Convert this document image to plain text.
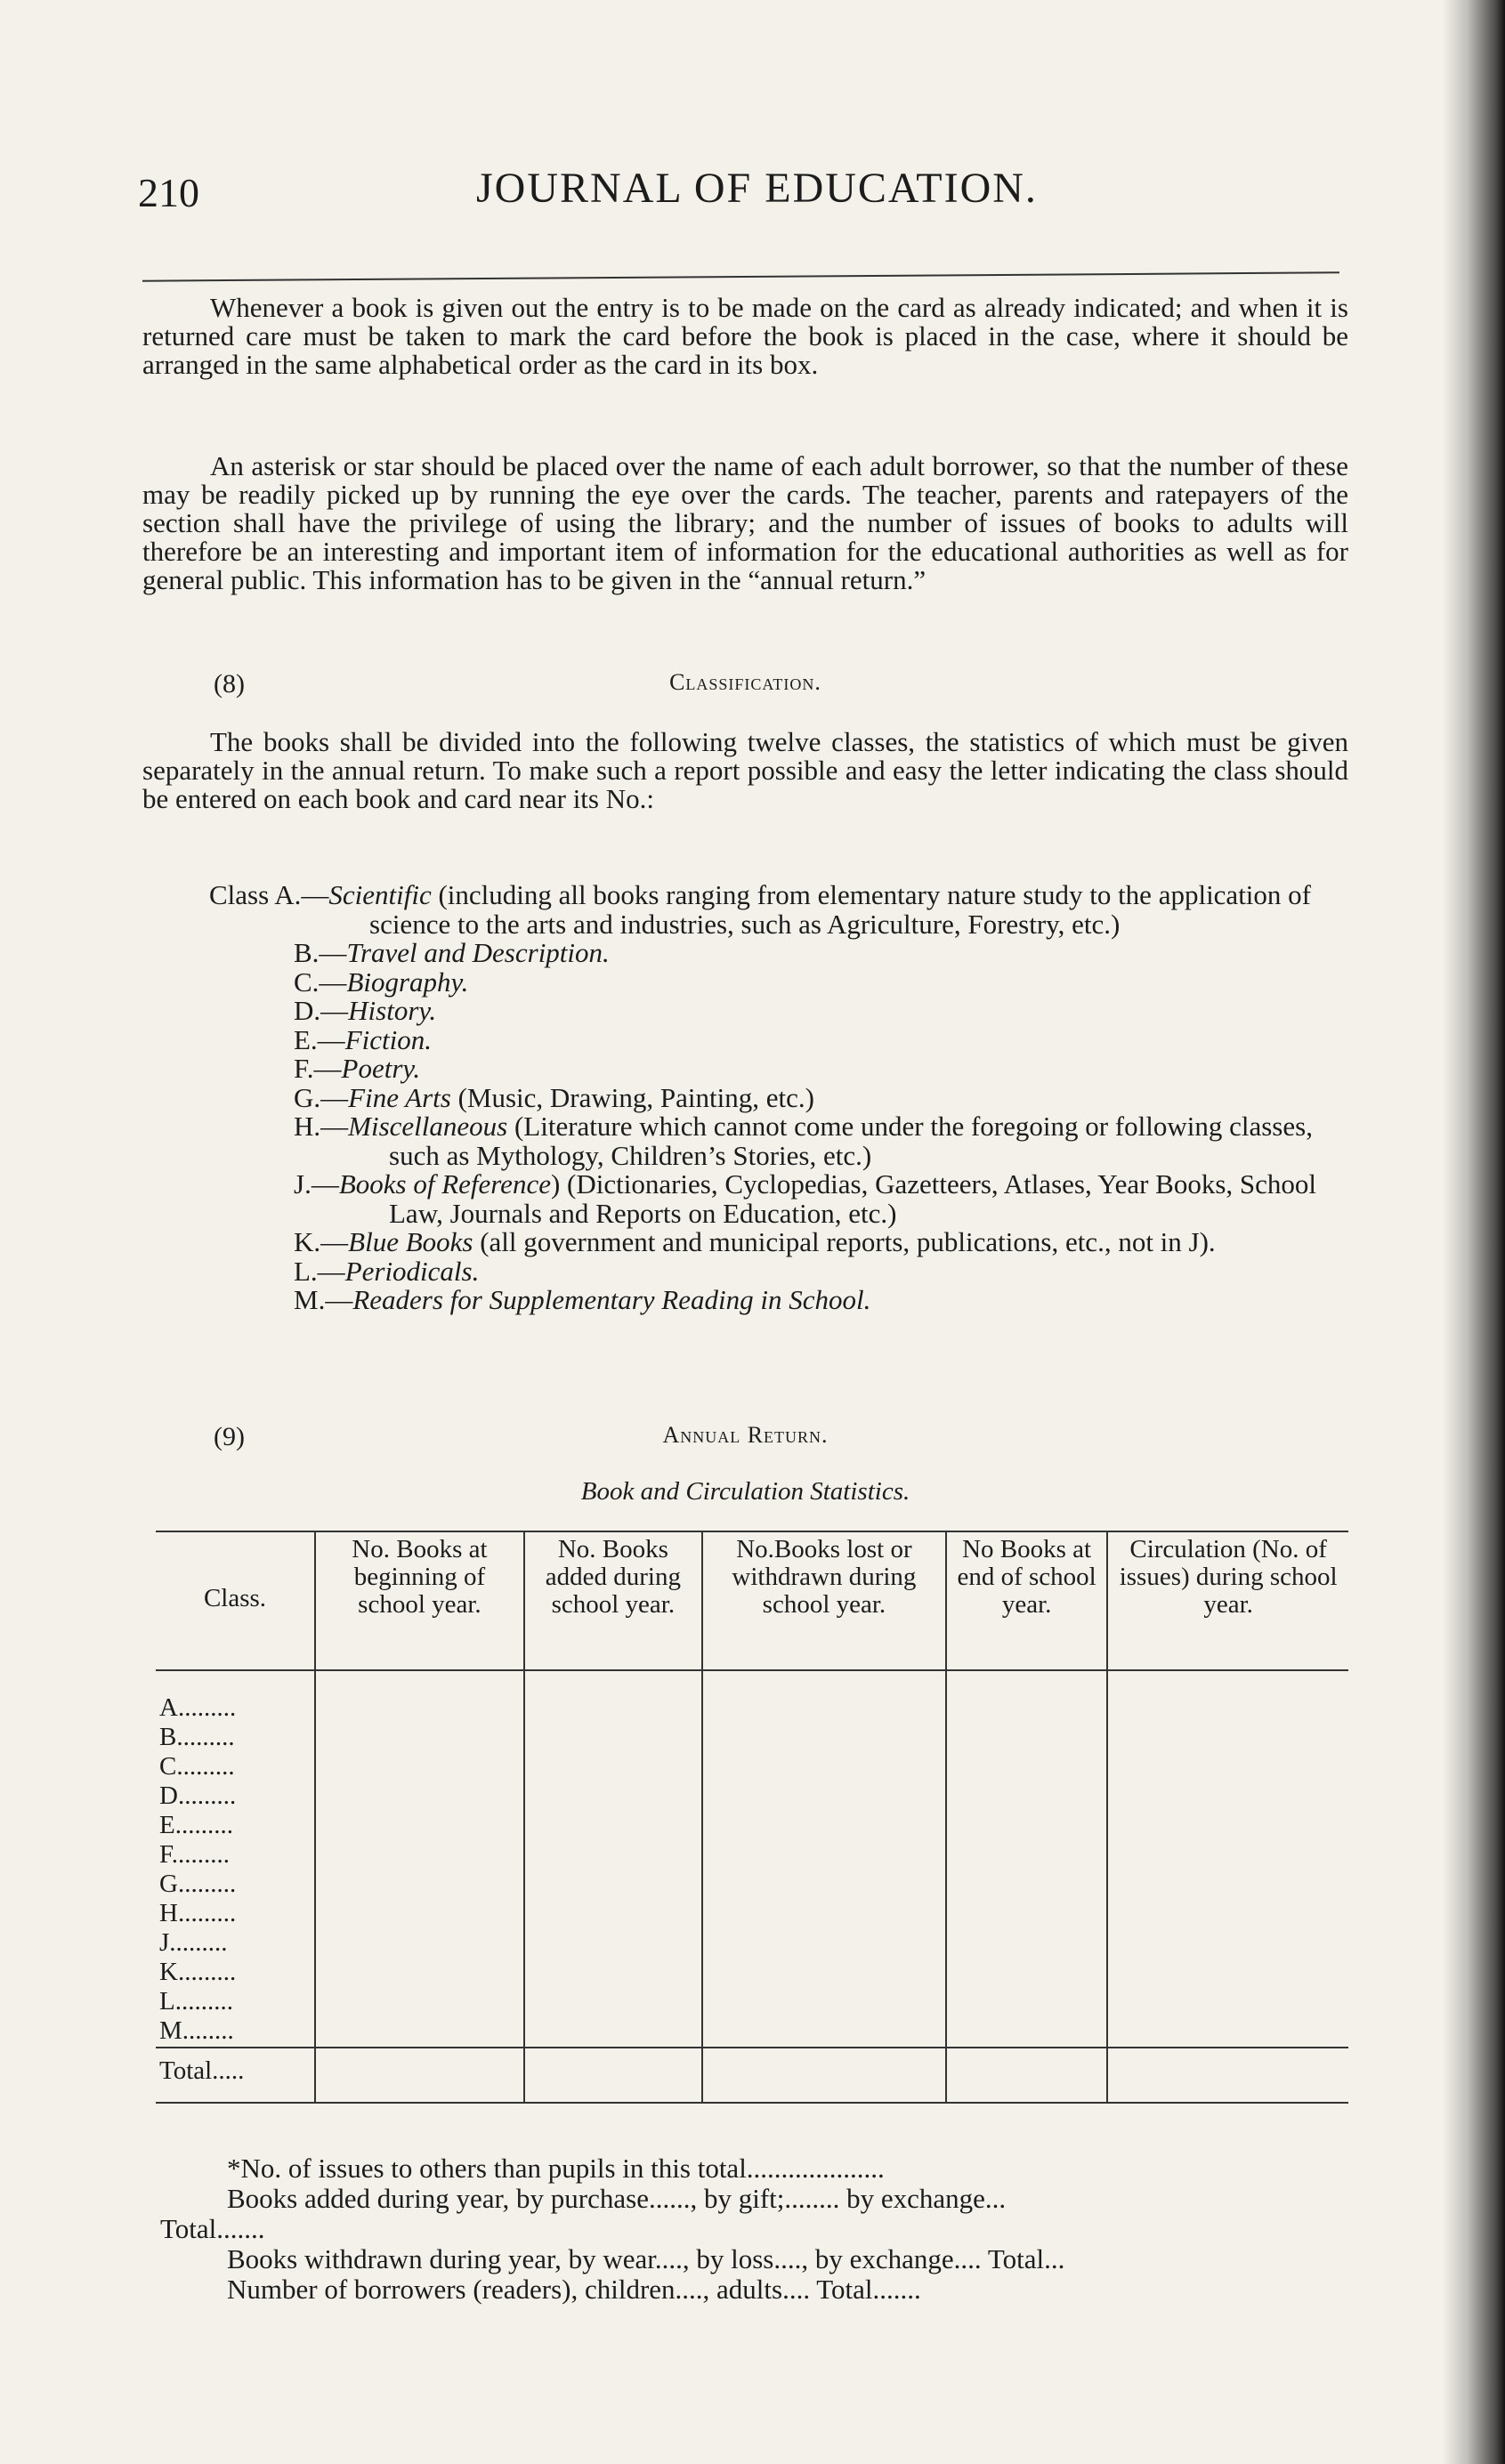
210	JOURNAL OF EDUCATION.

Whenever a book is given out the entry is to be made on the card as already indicated; and when it is returned care must be taken to mark the card before the book is placed in the case, where it should be arranged in the same alphabetical order as the card in its box.

An asterisk or star should be placed over the name of each adult borrower, so that the number of these may be readily picked up by running the eye over the cards. The teacher, parents and ratepayers of the section shall have the privilege of using the library; and the number of issues of books to adults will therefore be an interesting and important item of information for the educational authorities as well as for general public. This information has to be given in the “annual return.”

(8)	Classification.

The books shall be divided into the following twelve classes, the statistics of which must be given separately in the annual return. To make such a report possible and easy the letter indicating the class should be entered on each book and card near its No.:

Class A.—Scientific (including all books ranging from elementary nature study to the application of science to the arts and industries, such as Agriculture, Forestry, etc.)
B.—Travel and Description.
C.—Biography.
D.—History.
E.—Fiction.
F.—Poetry.
G.—Fine Arts (Music, Drawing, Painting, etc.)
H.—Miscellaneous (Literature which cannot come under the foregoing or following classes, such as Mythology, Children’s Stories, etc.)
J.—Books of Reference) (Dictionaries, Cyclopedias, Gazetteers, Atlases, Year Books, School Law, Journals and Reports on Education, etc.)
K.—Blue Books (all government and municipal reports, publications, etc., not in J).
L.—Periodicals.
M.—Readers for Supplementary Reading in School.
(9)	Annual Return.
Book and Circulation Statistics.
Class.	No. Books at beginning of school year.	No. Books added during school year.	No.Books lost or withdrawn during school year.	No Books at end of school year.	Circulation (No. of issues) during school year.
A.........					
B.........					
C.........					
D.........					
E.........					
F.........					
G.........					
H.........					
J.........					
K.........					
L.........					
M........					
Total.....					
*No. of issues to others than pupils in this total....................
Books added during year, by purchase......, by gift;........ by exchange...
Total.......
Books withdrawn during year, by wear...., by loss...., by exchange.... Total...
Number of borrowers (readers), children...., adults.... Total.......
